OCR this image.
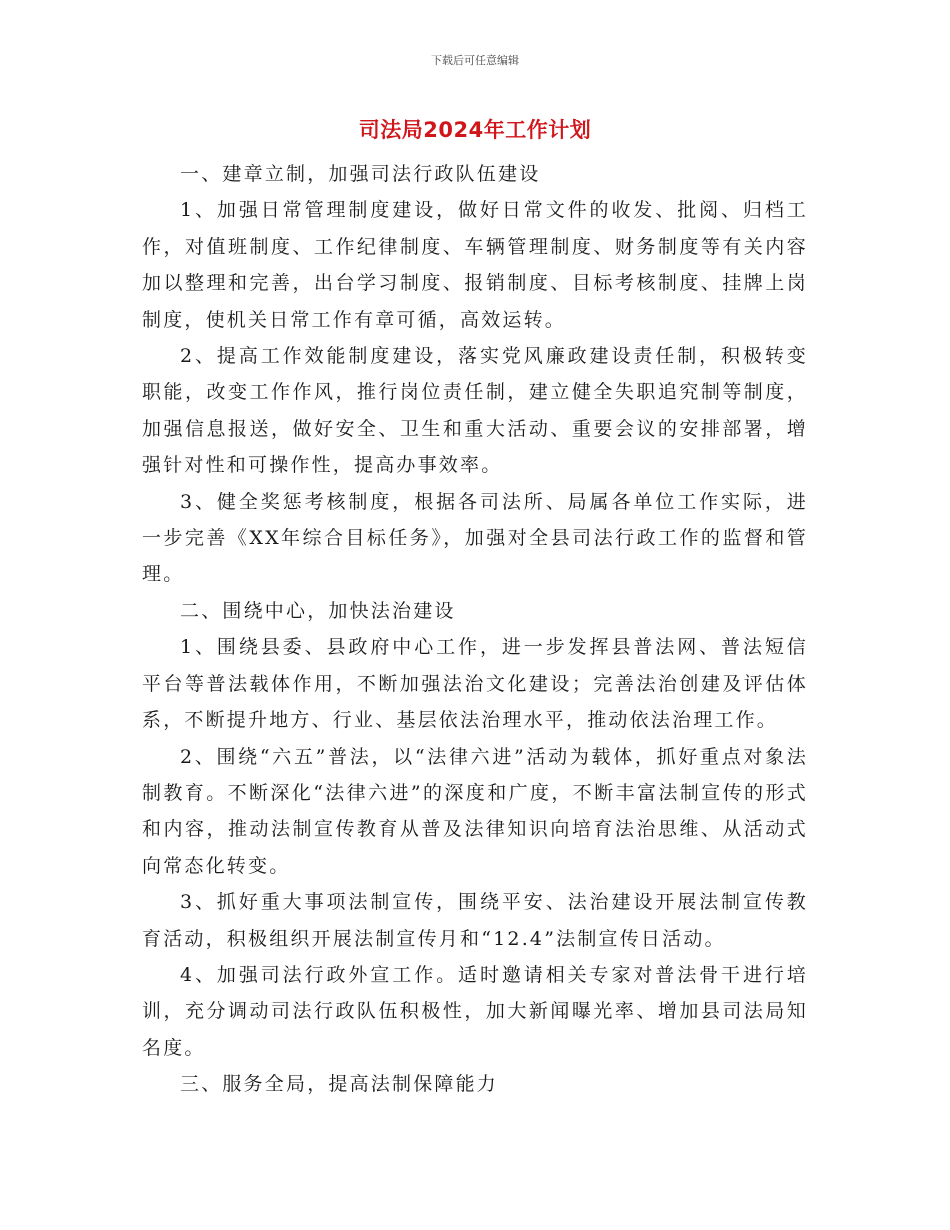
下载后可任意编辑
司法局2024年工作计划

一、建章立制，加强司法行政队伍建设

1、加强日常管理制度建设，做好日常文件的收发、批阅、归档工作，对值班制度、工作纪律制度、车辆管理制度、财务制度等有关内容加以整理和完善，出台学习制度、报销制度、目标考核制度、挂牌上岗制度，使机关日常工作有章可循，高效运转。

2、提高工作效能制度建设，落实党风廉政建设责任制，积极转变职能，改变工作作风，推行岗位责任制，建立健全失职追究制等制度，加强信息报送，做好安全、卫生和重大活动、重要会议的安排部署，增强针对性和可操作性，提高办事效率。

3、健全奖惩考核制度，根据各司法所、局属各单位工作实际，进一步完善《XX年综合目标任务》，加强对全县司法行政工作的监督和管理。

二、围绕中心，加快法治建设

1、围绕县委、县政府中心工作，进一步发挥县普法网、普法短信平台等普法载体作用，不断加强法治文化建设；完善法治创建及评估体系，不断提升地方、行业、基层依法治理水平，推动依法治理工作。

2、围绕“六五”普法，以“法律六进”活动为载体，抓好重点对象法制教育。不断深化“法律六进”的深度和广度，不断丰富法制宣传的形式和内容，推动法制宣传教育从普及法律知识向培育法治思维、从活动式向常态化转变。

3、抓好重大事项法制宣传，围绕平安、法治建设开展法制宣传教育活动，积极组织开展法制宣传月和“12.4”法制宣传日活动。

4、加强司法行政外宣工作。适时邀请相关专家对普法骨干进行培训，充分调动司法行政队伍积极性，加大新闻曝光率、增加县司法局知名度。

三、服务全局，提高法制保障能力
